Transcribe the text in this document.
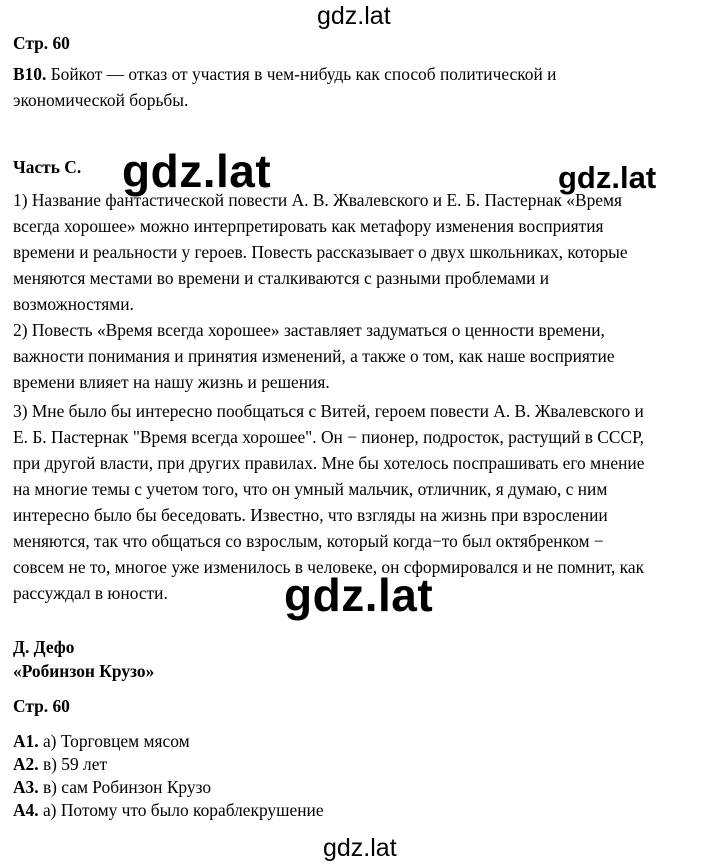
gdz.lat
gdz.lat	gdz.lat
gdz.lat
gdz.lat
Стр. 60
В10. Бойкот — отказ от участия в чем-нибудь как способ политической и
экономической борьбы.
Часть С.
1) Название фантастической повести А. В. Жвалевского и Е. Б. Пастернак «Время
всегда хорошее» можно интерпретировать как метафору изменения восприятия
времени и реальности у героев. Повесть рассказывает о двух школьниках, которые
меняются местами во времени и сталкиваются с разными проблемами и
возможностями.
2) Повесть «Время всегда хорошее» заставляет задуматься о ценности времени,
важности понимания и принятия изменений, а также о том, как наше восприятие
времени влияет на нашу жизнь и решения.
3) Мне было бы интересно пообщаться с Витей, героем повести А. В. Жвалевского и
Е. Б. Пастернак "Время всегда хорошее". Он − пионер, подросток, растущий в СССР,
при другой власти, при других правилах. Мне бы хотелось поспрашивать его мнение
на многие темы с учетом того, что он умный мальчик, отличник, я думаю, с ним
интересно было бы беседовать. Известно, что взгляды на жизнь при взрослении
меняются, так что общаться со взрослым, который когда−то был октябренком −
совсем не то, многое уже изменилось в человеке, он сформировался и не помнит, как
рассуждал в юности.
Д. Дефо
«Робинзон Крузо»
Стр. 60
А1. а) Торговцем мясом
А2. в) 59 лет
А3. в) сам Робинзон Крузо
А4. а) Потому что было кораблекрушение
